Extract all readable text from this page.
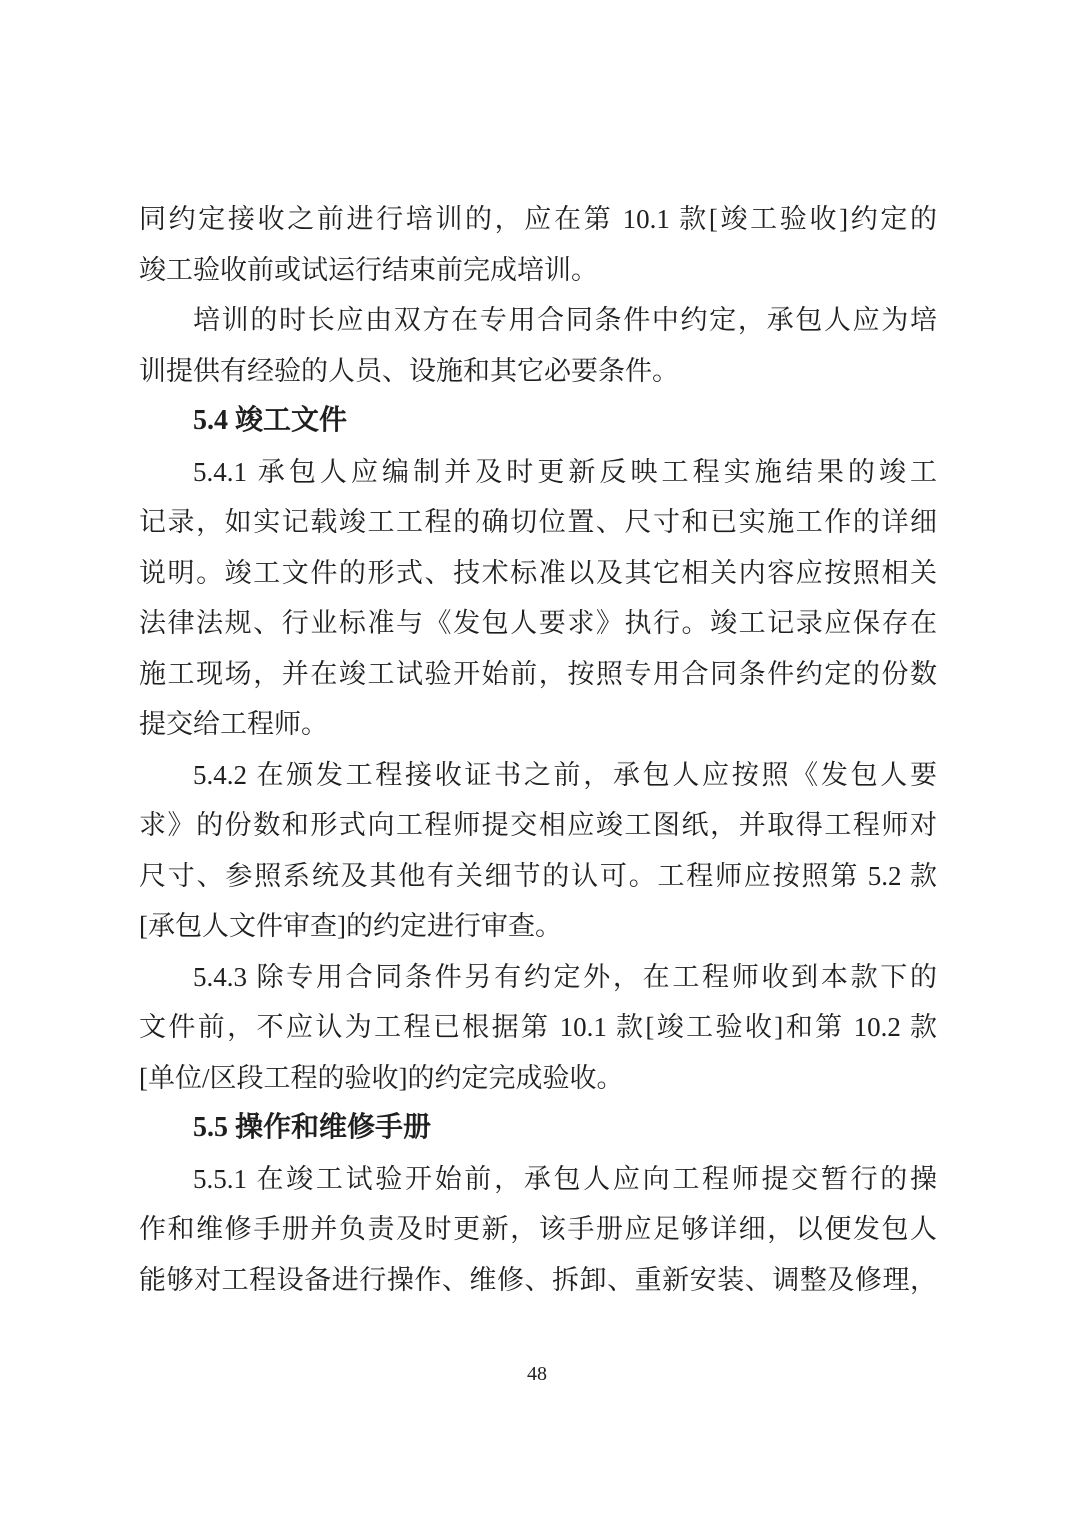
同约定接收之前进行培训的，应在第 10.1 款[竣工验收]约定的
竣工验收前或试运行结束前完成培训。
培训的时长应由双方在专用合同条件中约定，承包人应为培
训提供有经验的人员、设施和其它必要条件。
5.4 竣工文件
5.4.1 承包人应编制并及时更新反映工程实施结果的竣工
记录，如实记载竣工工程的确切位置、尺寸和已实施工作的详细
说明。竣工文件的形式、技术标准以及其它相关内容应按照相关
法律法规、行业标准与《发包人要求》执行。竣工记录应保存在
施工现场，并在竣工试验开始前，按照专用合同条件约定的份数
提交给工程师。
5.4.2 在颁发工程接收证书之前，承包人应按照《发包人要
求》的份数和形式向工程师提交相应竣工图纸，并取得工程师对
尺寸、参照系统及其他有关细节的认可。工程师应按照第 5.2 款
[承包人文件审查]的约定进行审查。
5.4.3 除专用合同条件另有约定外，在工程师收到本款下的
文件前，不应认为工程已根据第 10.1 款[竣工验收]和第 10.2 款
[单位/区段工程的验收]的约定完成验收。
5.5 操作和维修手册
5.5.1 在竣工试验开始前，承包人应向工程师提交暂行的操
作和维修手册并负责及时更新，该手册应足够详细，以便发包人
能够对工程设备进行操作、维修、拆卸、重新安装、调整及修理，
48
